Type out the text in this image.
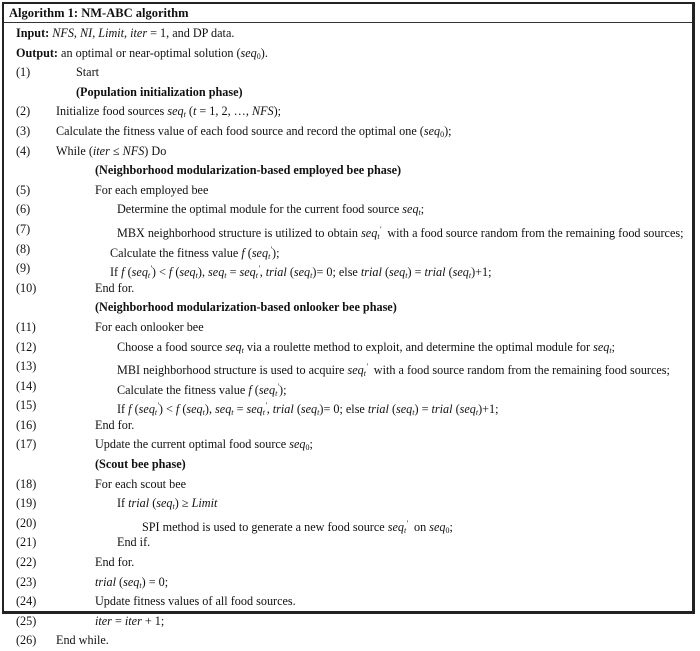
Algorithm 1: NM-ABC algorithm
Input: NFS, NI, Limit, iter = 1, and DP data.
Output: an optimal or near-optimal solution (seq$_0$).
(1)	Start
(Population initialization phase)
(2) Initialize food sources seq$_t$ (t = 1, 2, …, NFS);
(3) Calculate the fitness value of each food source and record the optimal one (seq$_0$);
(4) While (iter ≤ NFS) Do
(Neighborhood modularization-based employed bee phase)
(5)	For each employed bee
(6)	Determine the optimal module for the current food source seq$_t$;
(7)	MBX neighborhood structure is utilized to obtain seq$_t$'  with a food source random from the remaining food sources;
(8)	Calculate the fitness value f (seq$_t$');
(9)	If f (seq$_t$') < f (seq$_t$), seq$_t$ = seq$_t$', trial (seq$_t$)= 0; else trial (seq$_t$) = trial (seq$_t$)+1;
(10)	End for.
(Neighborhood modularization-based onlooker bee phase)
(11)	For each onlooker bee
(12)	Choose a food source seq$_t$ via a roulette method to exploit, and determine the optimal module for seq$_t$;
(13)	MBI neighborhood structure is used to acquire seq$_t$'  with a food source random from the remaining food sources;
(14)	Calculate the fitness value f (seq$_t$');
(15)	If f (seq$_t$') < f (seq$_t$), seq$_t$ = seq$_t$', trial (seq$_t$)= 0; else trial (seq$_t$) = trial (seq$_t$)+1;
(16)	End for.
(17)	Update the current optimal food source seq$_0$;
(Scout bee phase)
(18)	For each scout bee
(19)	If trial (seq$_t$) ≥ Limit
(20)	SPI method is used to generate a new food source seq$_t$'  on seq$_0$;
(21)	End if.
(22)	End for.
(23)	trial (seq$_t$) = 0;
(24)	Update fitness values of all food sources.
(25)	iter = iter + 1;
(26) End while.
